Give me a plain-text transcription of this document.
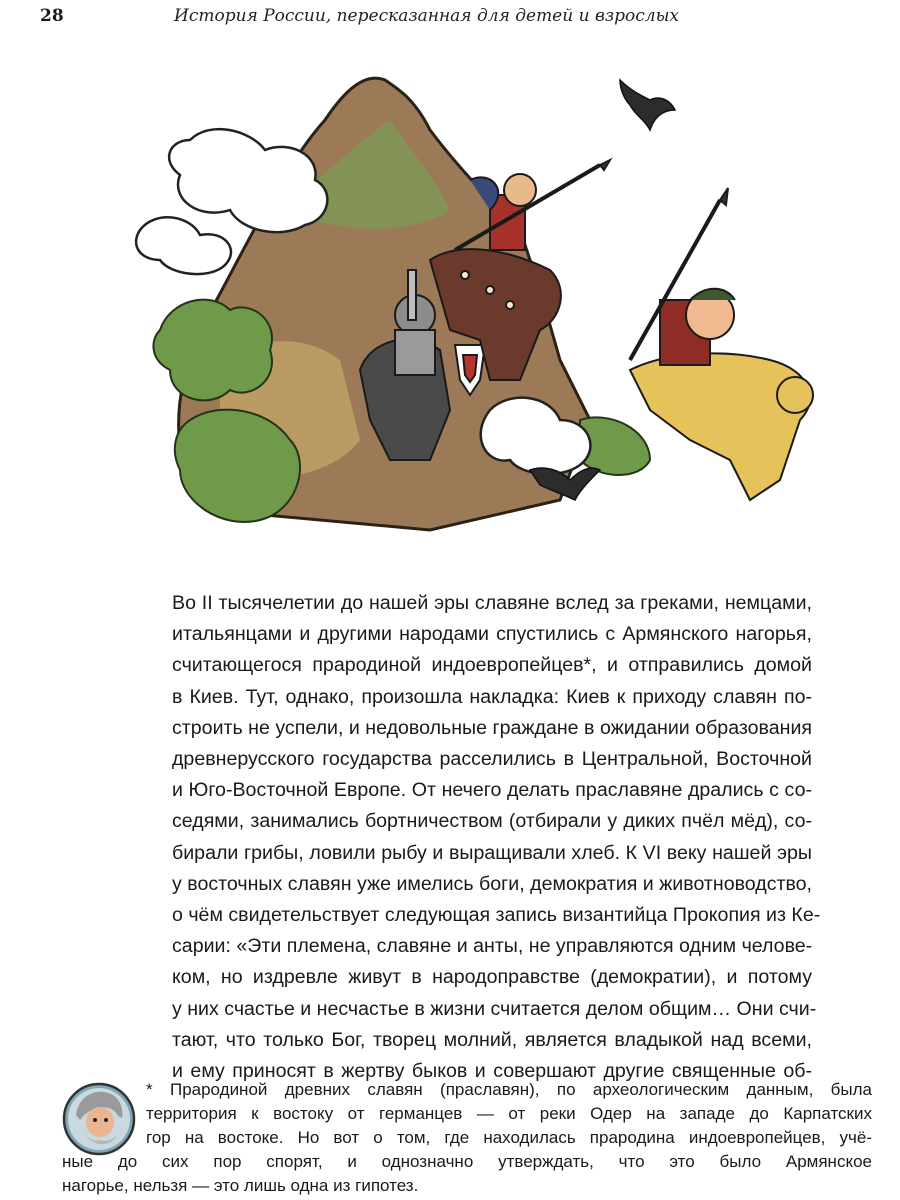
28	История России, пересказанная для детей и взрослых
Во II тысячелетии до нашей эры славяне вслед за греками, немцами,
итальянцами и другими народами спустились с Армянского нагорья,
считающегося прародиной индоевропейцев*, и отправились домой
в Киев. Тут, однако, произошла накладка: Киев к приходу славян по-
строить не успели, и недовольные граждане в ожидании образования
древнерусского государства расселились в Центральной, Восточной
и Юго-Восточной Европе. От нечего делать праславяне дрались с со-
седями, занимались бортничеством (отбирали у диких пчёл мёд), со-
бирали грибы, ловили рыбу и выращивали хлеб. К VI веку нашей эры
у восточных славян уже имелись боги, демократия и животноводство,
о чём свидетельствует следующая запись византийца Прокопия из Ке-
сарии: «Эти племена, славяне и анты, не управляются одним челове-
ком, но издревле живут в народоправстве (демократии), и потому
у них счастье и несчастье в жизни считается делом общим… Они счи-
тают, что только Бог, творец молний, является владыкой над всеми,
и ему приносят в жертву быков и совершают другие священные об-
* Прародиной древних славян (праславян), по археологическим данным, была
территория к востоку от германцев — от реки Одер на западе до Карпатских
гор на востоке. Но вот о том, где находилась прародина индоевропейцев, учё-
ные до сих пор спорят, и однозначно утверждать, что это было Армянское
нагорье, нельзя — это лишь одна из гипотез.
